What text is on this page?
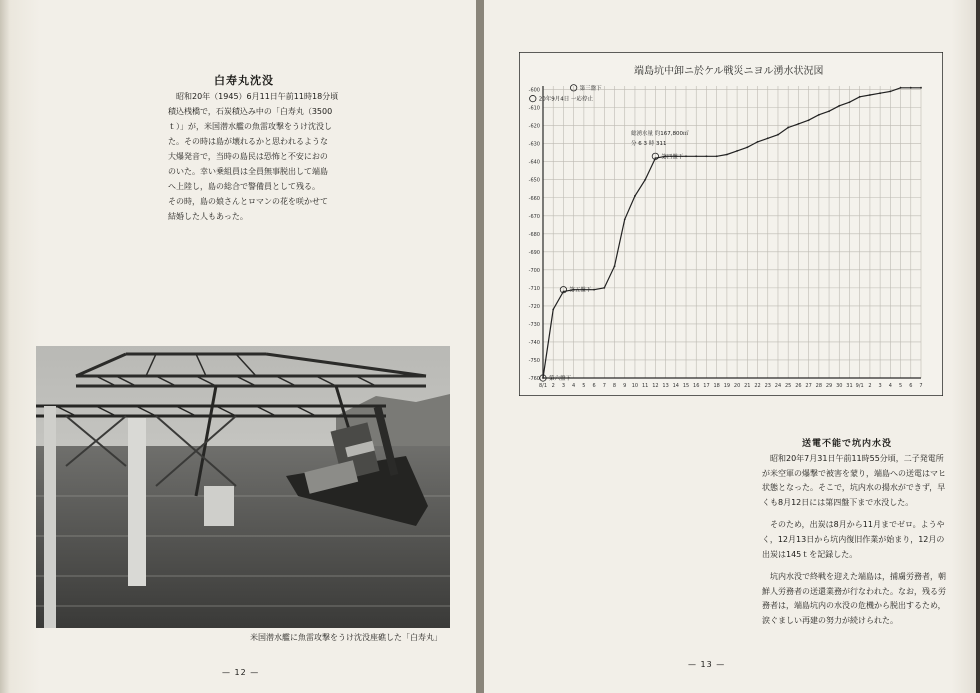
白寿丸沈没

昭和20年（1945）6月11日午前11時18分頃

積込桟橋で，石炭積込み中の「白寿丸（3500

ｔ）」が，米国潜水艦の魚雷攻撃をうけ沈没し

た。その時は島が壊れるかと思われるような

大爆発音で，当時の島民は恐怖と不安におの

のいた。幸い乗組員は全員無事脱出して端島

へ上陸し，島の総合で警備員として残る。

その時，島の娘さんとロマンの花を咲かせて

結婚した人もあった。

米国潜水艦に魚雷攻撃をうけ沈没座礁した「白寿丸」
— 12 —
送電不能で坑内水没

昭和20年7月31日午前11時55分頃，二子発電所が米空軍の爆撃で被害を蒙り，端島への送電はマヒ状態となった。そこで，坑内水の揚水ができず，早くも8月12日には第四盤下まで水没した。

そのため，出炭は8月から11月までゼロ。ようやく，12月13日から坑内復旧作業が始まり，12月の出炭は145ｔを記録した。

坑内水没で終戦を迎えた端島は，捕虜労務者，朝鮮人労務者の送還業務が行なわれた。なお，残る労務者は，端島坑内の水没の危機から脱出するため，涙ぐましい再建の努力が続けられた。

— 13 —
端島坑中卸ニ於ケル戦災ニヨル湧水状況図
-600
-610
-620
-630
-640
-650
-660
-670
-680
-690
-700
-710
-720
-730
-740
-750
-760
8/1 2 3 4 5 6 7 8 9 10 11 12 13 14 15 16 17 18 19 20 21 22 23 24 25 26 27 28 29 30 31 9/1 2 3 4 5 6 7
総湧水量 約167,800㎥
分 6 3 時 311
第六盤下
第五盤下
第四盤下
第三盤下
20年9月4日 一応停止
